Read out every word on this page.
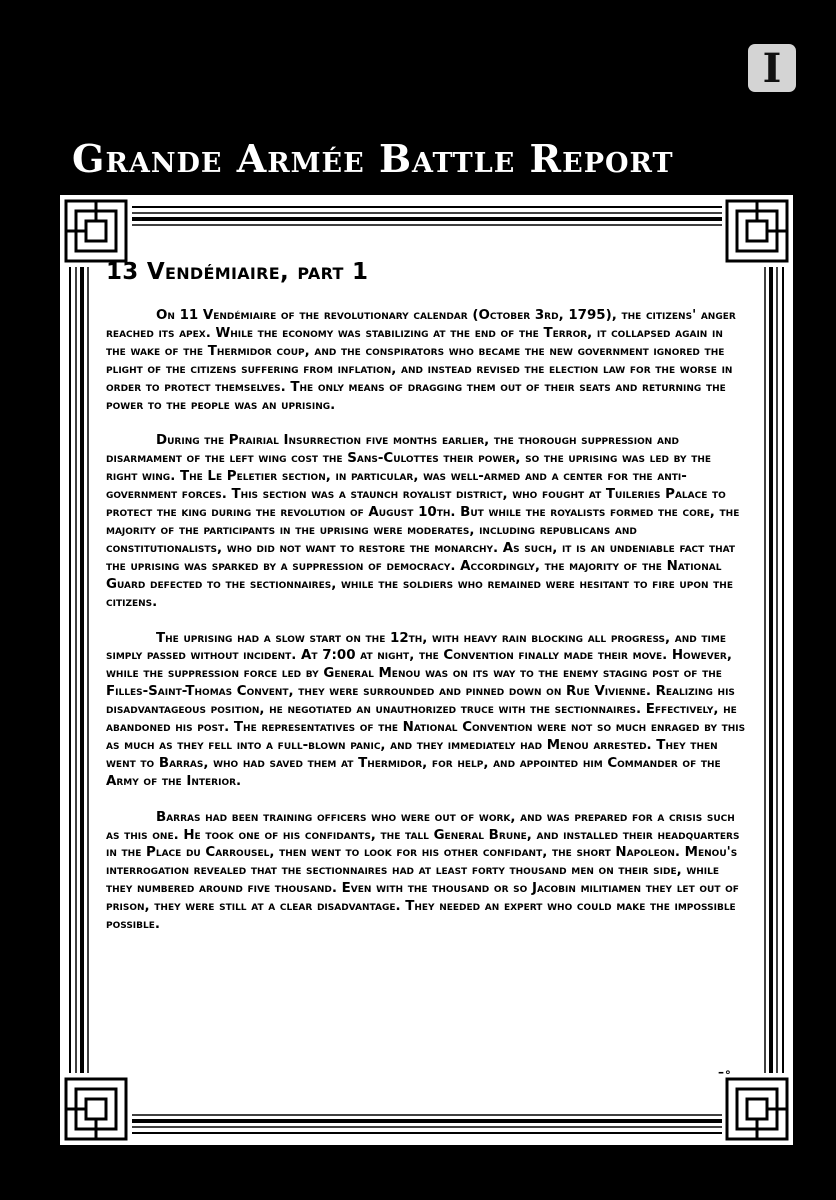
I
Grande Armée Battle Report
13 Vendémiaire, part 1

On 11 Vendémiaire of the revolutionary calendar (October 3rd, 1795), the citizens' anger reached its apex. While the economy was stabilizing at the end of the Terror, it collapsed again in the wake of the Thermidor coup, and the conspirators who became the new government ignored the plight of the citizens suffering from inflation, and instead revised the election law for the worse in order to protect themselves. The only means of dragging them out of their seats and returning the power to the people was an uprising.

During the Prairial Insurrection five months earlier, the thorough suppression and disarmament of the left wing cost the Sans-Culottes their power, so the uprising was led by the right wing. The Le Peletier section, in particular, was well-armed and a center for the anti-government forces. This section was a staunch royalist district, who fought at Tuileries Palace to protect the king during the revolution of August 10th. But while the royalists formed the core, the majority of the participants in the uprising were moderates, including republicans and constitutionalists, who did not want to restore the monarchy. As such, it is an undeniable fact that the uprising was sparked by a suppression of democracy. Accordingly, the majority of the National Guard defected to the sectionnaires, while the soldiers who remained were hesitant to fire upon the citizens.

The uprising had a slow start on the 12th, with heavy rain blocking all progress, and time simply passed without incident. At 7:00 at night, the Convention finally made their move. However, while the suppression force led by General Menou was on its way to the enemy staging post of the Filles-Saint-Thomas Convent, they were surrounded and pinned down on Rue Vivienne. Realizing his disadvantageous position, he negotiated an unauthorized truce with the sectionnaires. Effectively, he abandoned his post. The representatives of the National Convention were not so much enraged by this as much as they fell into a full-blown panic, and they immediately had Menou arrested. They then went to Barras, who had saved them at Thermidor, for help, and appointed him Commander of the Army of the Interior.

Barras had been training officers who were out of work, and was prepared for a crisis such as this one. He took one of his confidants, the tall General Brune, and installed their headquarters in the Place du Carrousel, then went to look for his other confidant, the short Napoleon. Menou's interrogation revealed that the sectionnaires had at least forty thousand men on their side, while they numbered around five thousand. Even with the thousand or so Jacobin militiamen they let out of prison, they were still at a clear disadvantage. They needed an expert who could make the impossible possible.

–∘
